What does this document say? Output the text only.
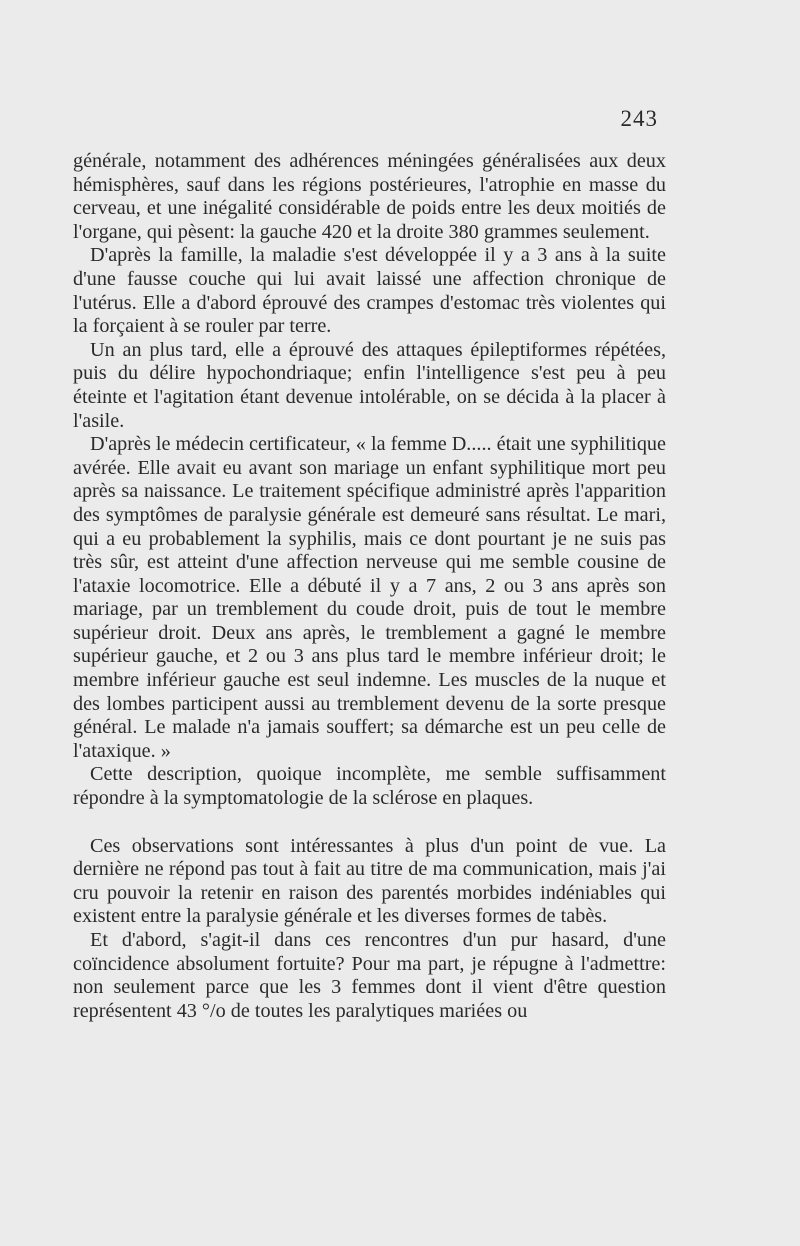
243

générale, notamment des adhérences méningées généralisées aux deux hémisphères, sauf dans les régions postérieures, l'atrophie en masse du cerveau, et une inégalité considérable de poids entre les deux moitiés de l'organe, qui pèsent: la gauche 420 et la droite 380 grammes seulement.

D'après la famille, la maladie s'est développée il y a 3 ans à la suite d'une fausse couche qui lui avait laissé une affection chronique de l'utérus. Elle a d'abord éprouvé des crampes d'estomac très violentes qui la forçaient à se rouler par terre.

Un an plus tard, elle a éprouvé des attaques épileptiformes répétées, puis du délire hypochondriaque; enfin l'intelligence s'est peu à peu éteinte et l'agitation étant devenue intolérable, on se décida à la placer à l'asile.

D'après le médecin certificateur, « la femme D..... était une syphilitique avérée. Elle avait eu avant son mariage un enfant syphilitique mort peu après sa naissance. Le traitement spécifique administré après l'apparition des symptômes de paralysie générale est demeuré sans résultat. Le mari, qui a eu probablement la syphilis, mais ce dont pourtant je ne suis pas très sûr, est atteint d'une affection nerveuse qui me semble cousine de l'ataxie locomotrice. Elle a débuté il y a 7 ans, 2 ou 3 ans après son mariage, par un tremblement du coude droit, puis de tout le membre supérieur droit. Deux ans après, le tremblement a gagné le membre supérieur gauche, et 2 ou 3 ans plus tard le membre inférieur droit; le membre inférieur gauche est seul indemne. Les muscles de la nuque et des lombes participent aussi au tremblement devenu de la sorte presque général. Le malade n'a jamais souffert; sa démarche est un peu celle de l'ataxique. »

Cette description, quoique incomplète, me semble suffisamment répondre à la symptomatologie de la sclérose en plaques.

Ces observations sont intéressantes à plus d'un point de vue. La dernière ne répond pas tout à fait au titre de ma communication, mais j'ai cru pouvoir la retenir en raison des parentés morbides indéniables qui existent entre la paralysie générale et les diverses formes de tabès.

Et d'abord, s'agit-il dans ces rencontres d'un pur hasard, d'une coïncidence absolument fortuite? Pour ma part, je répugne à l'admettre: non seulement parce que les 3 femmes dont il vient d'être question représentent 43 °/o de toutes les paralytiques mariées ou
